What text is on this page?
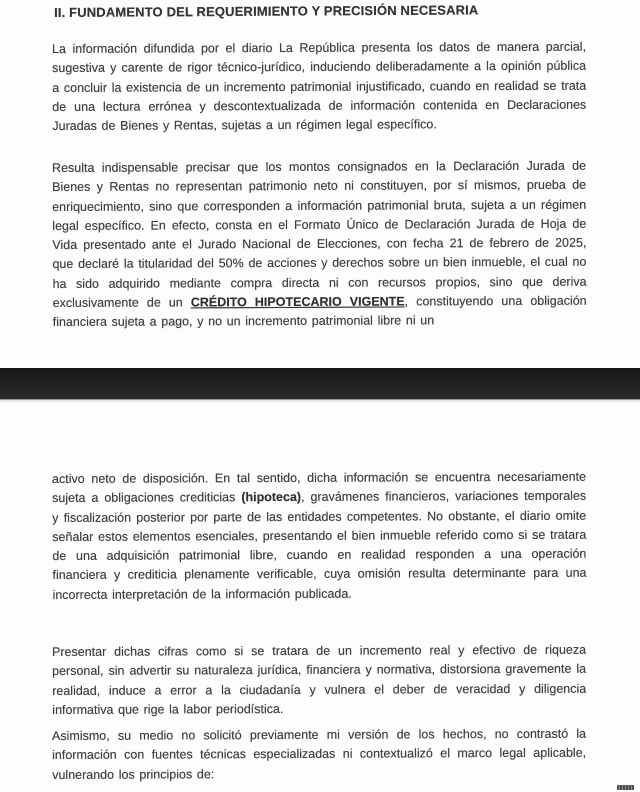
II. FUNDAMENTO DEL REQUERIMIENTO Y PRECISIÓN NECESARIA

La información difundida por el diario La República presenta los datos de manera parcial, sugestiva y carente de rigor técnico-jurídico, induciendo deliberadamente a la opinión pública a concluir la existencia de un incremento patrimonial injustificado, cuando en realidad se trata de una lectura errónea y descontextualizada de información contenida en Declaraciones Juradas de Bienes y Rentas, sujetas a un régimen legal específico.

Resulta indispensable precisar que los montos consignados en la Declaración Jurada de Bienes y Rentas no representan patrimonio neto ni constituyen, por sí mismos, prueba de enriquecimiento, sino que corresponden a información patrimonial bruta, sujeta a un régimen legal específico. En efecto, consta en el Formato Único de Declaración Jurada de Hoja de Vida presentado ante el Jurado Nacional de Elecciones, con fecha 21 de febrero de 2025, que declaré la titularidad del 50% de acciones y derechos sobre un bien inmueble, el cual no ha sido adquirido mediante compra directa ni con recursos propios, sino que deriva exclusivamente de un CRÉDITO HIPOTECARIO VIGENTE, constituyendo una obligación financiera sujeta a pago, y no un incremento patrimonial libre ni un

activo neto de disposición. En tal sentido, dicha información se encuentra necesariamente sujeta a obligaciones crediticias (hipoteca), gravámenes financieros, variaciones temporales y fiscalización posterior por parte de las entidades competentes. No obstante, el diario omite señalar estos elementos esenciales, presentando el bien inmueble referido como si se tratara de una adquisición patrimonial libre, cuando en realidad responden a una operación financiera y crediticia plenamente verificable, cuya omisión resulta determinante para una incorrecta interpretación de la información publicada.

Presentar dichas cifras como si se tratara de un incremento real y efectivo de riqueza personal, sin advertir su naturaleza jurídica, financiera y normativa, distorsiona gravemente la realidad, induce a error a la ciudadanía y vulnera el deber de veracidad y diligencia informativa que rige la labor periodística.

Asimismo, su medio no solicitó previamente mi versión de los hechos, no contrastó la información con fuentes técnicas especializadas ni contextualizó el marco legal aplicable, vulnerando los principios de:
